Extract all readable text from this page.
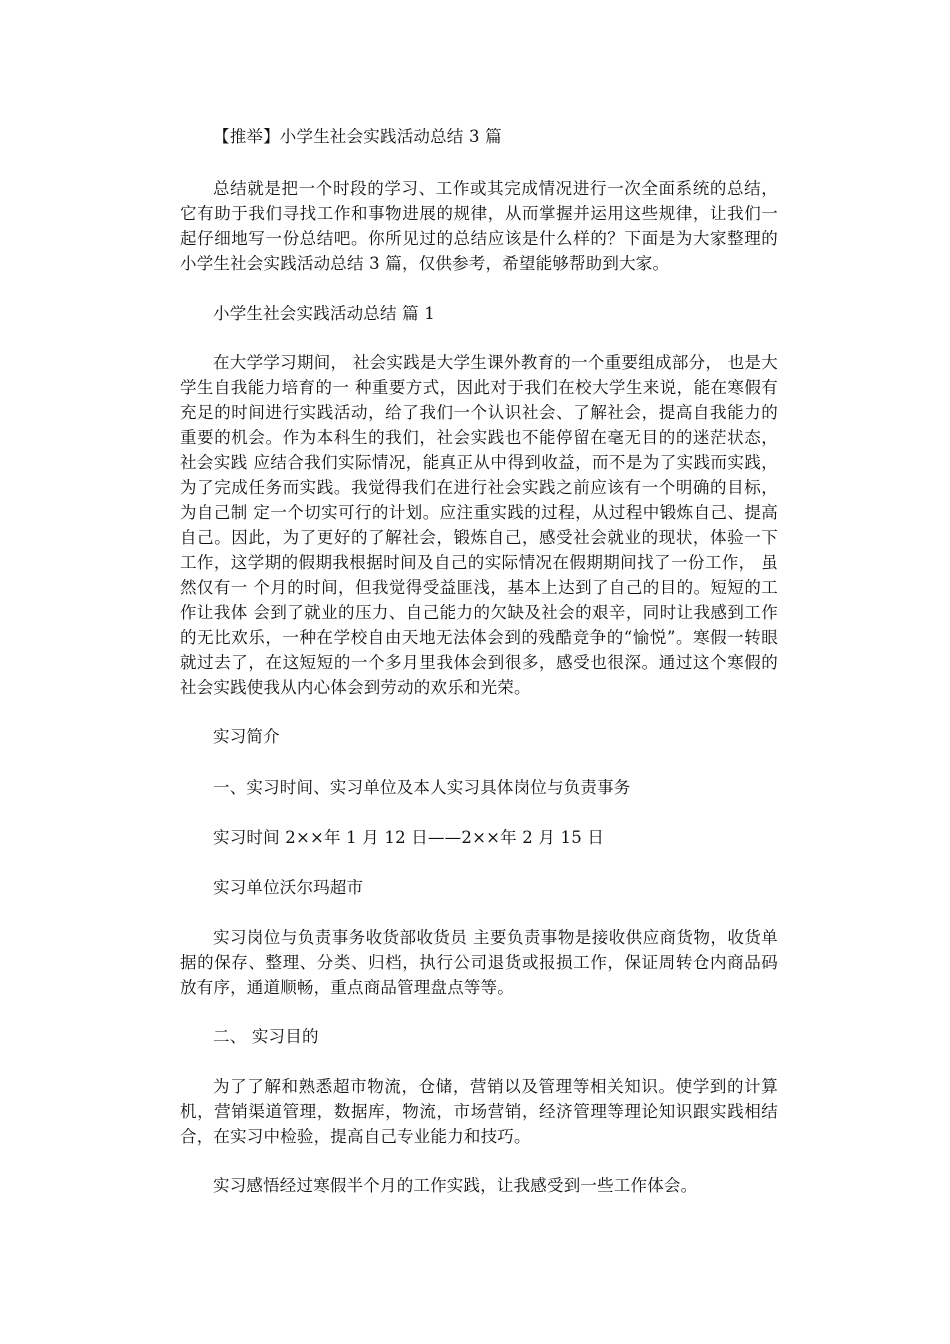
【推举】小学生社会实践活动总结 3 篇

总结就是把一个时段的学习、工作或其完成情况进行一次全面系统的总结，它有助于我们寻找工作和事物进展的规律，从而掌握并运用这些规律，让我们一起仔细地写一份总结吧。你所见过的总结应该是什么样的？下面是为大家整理的小学生社会实践活动总结 3 篇，仅供参考，希望能够帮助到大家。

小学生社会实践活动总结 篇 1

在大学学习期间， 社会实践是大学生课外教育的一个重要组成部分， 也是大学生自我能力培育的一 种重要方式，因此对于我们在校大学生来说，能在寒假有充足的时间进行实践活动，给了我们一个认识社会、了解社会，提高自我能力的重要的机会。作为本科生的我们，社会实践也不能停留在毫无目的的迷茫状态，社会实践 应结合我们实际情况，能真正从中得到收益，而不是为了实践而实践，为了完成任务而实践。我觉得我们在进行社会实践之前应该有一个明确的目标，为自己制 定一个切实可行的计划。应注重实践的过程，从过程中锻炼自己、提高自己。因此，为了更好的了解社会，锻炼自己，感受社会就业的现状，体验一下工作，这学期的假期我根据时间及自己的实际情况在假期期间找了一份工作， 虽然仅有一 个月的时间，但我觉得受益匪浅，基本上达到了自己的目的。短短的工作让我体 会到了就业的压力、自己能力的欠缺及社会的艰辛，同时让我感到工作的无比欢乐，一种在学校自由天地无法体会到的残酷竞争的“愉悦”。寒假一转眼就过去了，在这短短的一个多月里我体会到很多，感受也很深。通过这个寒假的社会实践使我从内心体会到劳动的欢乐和光荣。

实习简介

一、实习时间、实习单位及本人实习具体岗位与负责事务

实习时间 2××年 1 月 12 日——2××年 2 月 15 日

实习单位沃尔玛超市

实习岗位与负责事务收货部收货员 主要负责事物是接收供应商货物，收货单据的保存、整理、分类、归档，执行公司退货或报损工作，保证周转仓内商品码放有序，通道顺畅，重点商品管理盘点等等。

二、 实习目的

为了了解和熟悉超市物流，仓储，营销以及管理等相关知识。使学到的计算机，营销渠道管理，数据库，物流，市场营销，经济管理等理论知识跟实践相结合，在实习中检验，提高自己专业能力和技巧。

实习感悟经过寒假半个月的工作实践，让我感受到一些工作体会。
